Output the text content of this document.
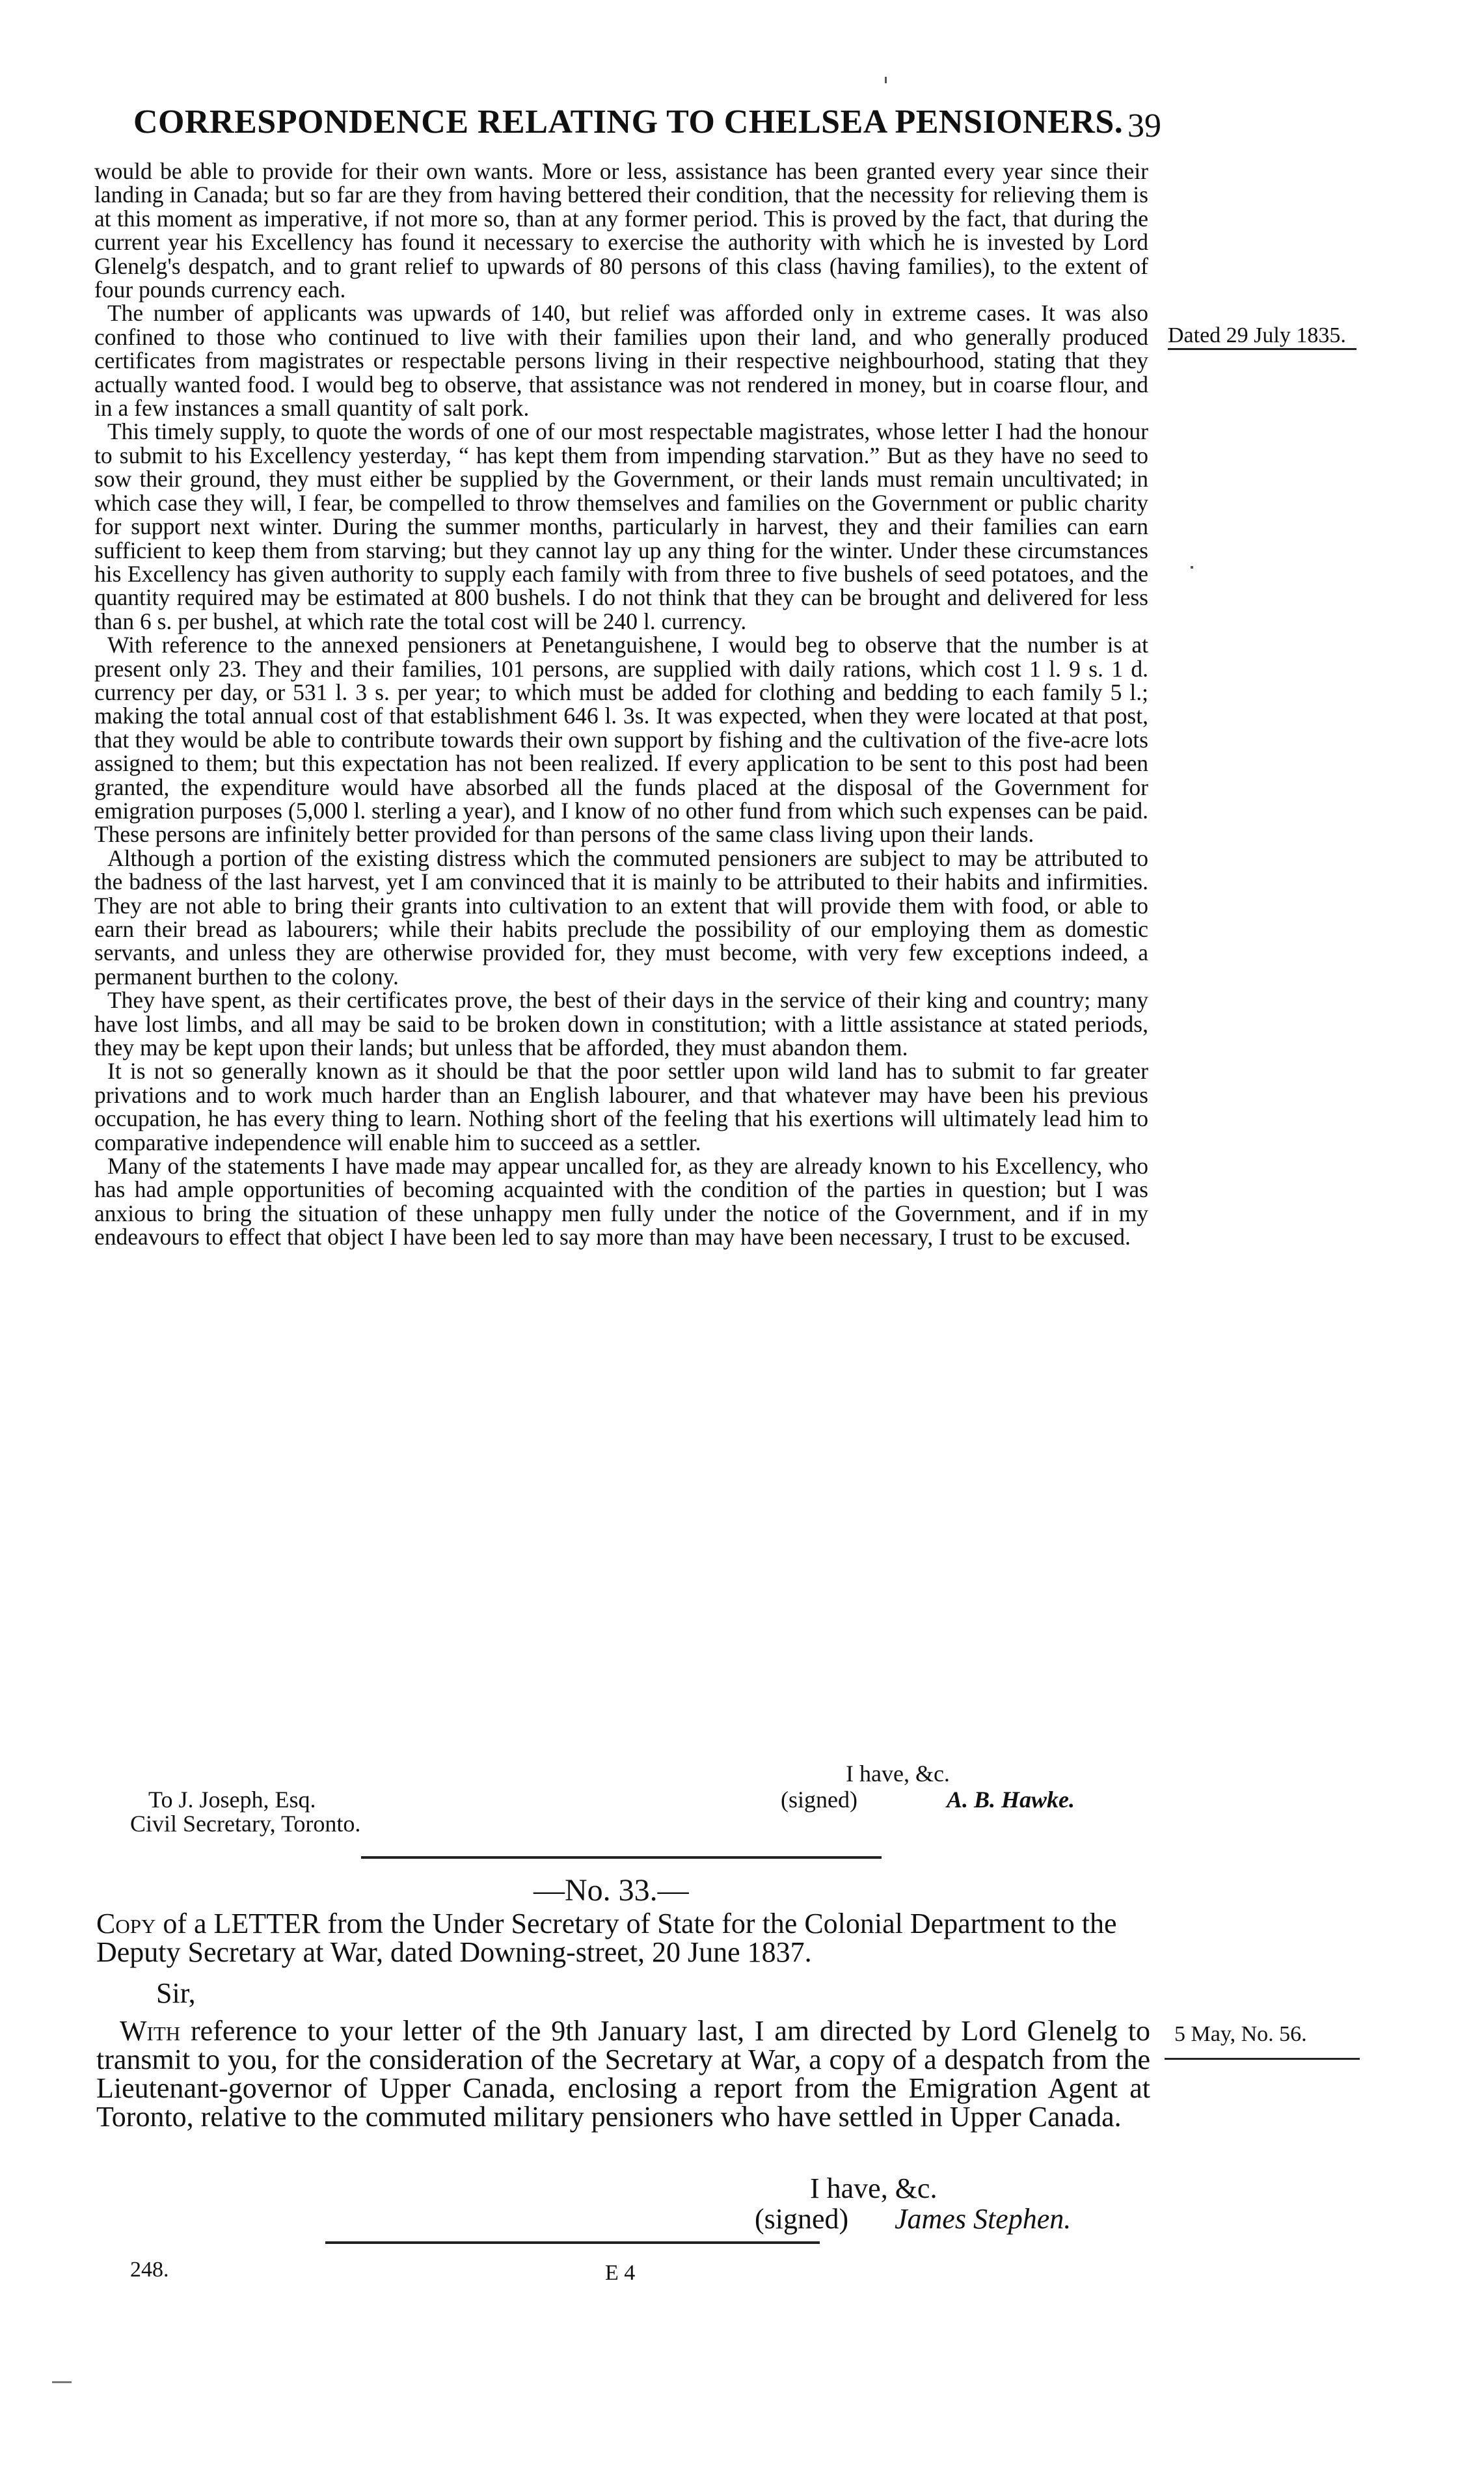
CORRESPONDENCE RELATING TO CHELSEA PENSIONERS. 39

would be able to provide for their own wants. More or less, assistance has been granted every year since their landing in Canada; but so far are they from having bettered their condition, that the necessity for relieving them is at this moment as imperative, if not more so, than at any former period. This is proved by the fact, that during the current year his Excellency has found it necessary to exercise the authority with which he is invested by Lord Glenelg's despatch, and to grant relief to upwards of 80 persons of this class (having families), to the extent of four pounds currency each.

The number of applicants was upwards of 140, but relief was afforded only in extreme cases. It was also confined to those who continued to live with their families upon their land, and who generally produced certificates from magistrates or respectable persons living in their respective neighbourhood, stating that they actually wanted food. I would beg to observe, that assistance was not rendered in money, but in coarse flour, and in a few instances a small quantity of salt pork.

This timely supply, to quote the words of one of our most respectable magistrates, whose letter I had the honour to submit to his Excellency yesterday, “ has kept them from impending starvation.” But as they have no seed to sow their ground, they must either be supplied by the Government, or their lands must remain uncultivated; in which case they will, I fear, be compelled to throw themselves and families on the Government or public charity for support next winter. During the summer months, particularly in harvest, they and their families can earn sufficient to keep them from starving; but they cannot lay up any thing for the winter. Under these circumstances his Excellency has given authority to supply each family with from three to five bushels of seed potatoes, and the quantity required may be estimated at 800 bushels. I do not think that they can be brought and delivered for less than 6 s. per bushel, at which rate the total cost will be 240 l. currency.

With reference to the annexed pensioners at Penetanguishene, I would beg to observe that the number is at present only 23. They and their families, 101 persons, are supplied with daily rations, which cost 1 l. 9 s. 1 d. currency per day, or 531 l. 3 s. per year; to which must be added for clothing and bedding to each family 5 l.; making the total annual cost of that establishment 646 l. 3s. It was expected, when they were located at that post, that they would be able to contribute towards their own support by fishing and the cultivation of the five-acre lots assigned to them; but this expectation has not been realized. If every application to be sent to this post had been granted, the expenditure would have absorbed all the funds placed at the disposal of the Government for emigration purposes (5,000 l. sterling a year), and I know of no other fund from which such expenses can be paid. These persons are infinitely better provided for than persons of the same class living upon their lands.

Although a portion of the existing distress which the commuted pensioners are subject to may be attributed to the badness of the last harvest, yet I am convinced that it is mainly to be attributed to their habits and infirmities. They are not able to bring their grants into cultivation to an extent that will provide them with food, or able to earn their bread as labourers; while their habits preclude the possibility of our employing them as domestic servants, and unless they are otherwise provided for, they must become, with very few exceptions indeed, a permanent burthen to the colony.

They have spent, as their certificates prove, the best of their days in the service of their king and country; many have lost limbs, and all may be said to be broken down in constitution; with a little assistance at stated periods, they may be kept upon their lands; but unless that be afforded, they must abandon them.

It is not so generally known as it should be that the poor settler upon wild land has to submit to far greater privations and to work much harder than an English labourer, and that whatever may have been his previous occupation, he has every thing to learn. Nothing short of the feeling that his exertions will ultimately lead him to comparative independence will enable him to succeed as a settler.

Many of the statements I have made may appear uncalled for, as they are already known to his Excellency, who has had ample opportunities of becoming acquainted with the condition of the parties in question; but I was anxious to bring the situation of these unhappy men fully under the notice of the Government, and if in my endeavours to effect that object I have been led to say more than may have been necessary, I trust to be excused.

Dated 29 July 1835.
I have, &c.
(signed)	A. B. Hawke.
To J. Joseph, Esq.
Civil Secretary, Toronto.
—No. 33.—
Copy of a LETTER from the Under Secretary of State for the Colonial Department to the Deputy Secretary at War, dated Downing-street, 20 June 1837.
Sir,
With reference to your letter of the 9th January last, I am directed by Lord Glenelg to transmit to you, for the consideration of the Secretary at War, a copy of a despatch from the Lieutenant-governor of Upper Canada, enclosing a report from the Emigration Agent at Toronto, relative to the commuted military pensioners who have settled in Upper Canada.
5 May, No. 56.
I have, &c.
(signed) James Stephen.
248.	E 4
